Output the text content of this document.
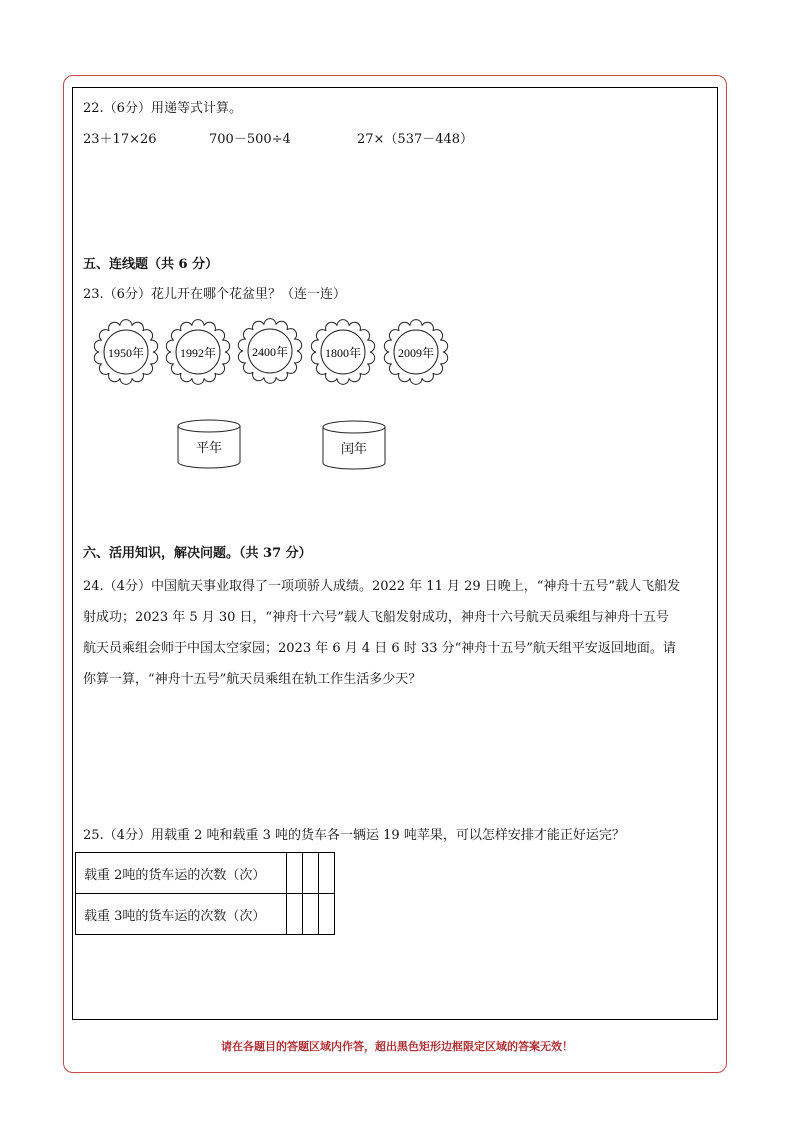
22.（6分）用递等式计算。
23＋17×26	700－500÷4	27×（537－448）
五、连线题（共 6 分）
23.（6分）花儿开在哪个花盆里？（连一连）
1950年	1992年	2400年	1800年	2009年
平年	闰年
六、活用知识，解决问题。（共 37 分）
24.（4分）中国航天事业取得了一项项骄人成绩。2022 年 11 月 29 日晚上，“神舟十五号”载人飞船发
射成功；2023 年 5 月 30 日，“神舟十六号”载人飞船发射成功，神舟十六号航天员乘组与神舟十五号
航天员乘组会师于中国太空家园；2023 年 6 月 4 日 6 时 33 分“神舟十五号”航天组平安返回地面。请
你算一算，“神舟十五号”航天员乘组在轨工作生活多少天？
25.（4分）用载重 2 吨和载重 3 吨的货车各一辆运 19 吨苹果，可以怎样安排才能正好运完？
载重 2吨的货车运的次数（次）			
载重 3吨的货车运的次数（次）			
请在各题目的答题区域内作答，超出黑色矩形边框限定区域的答案无效！
